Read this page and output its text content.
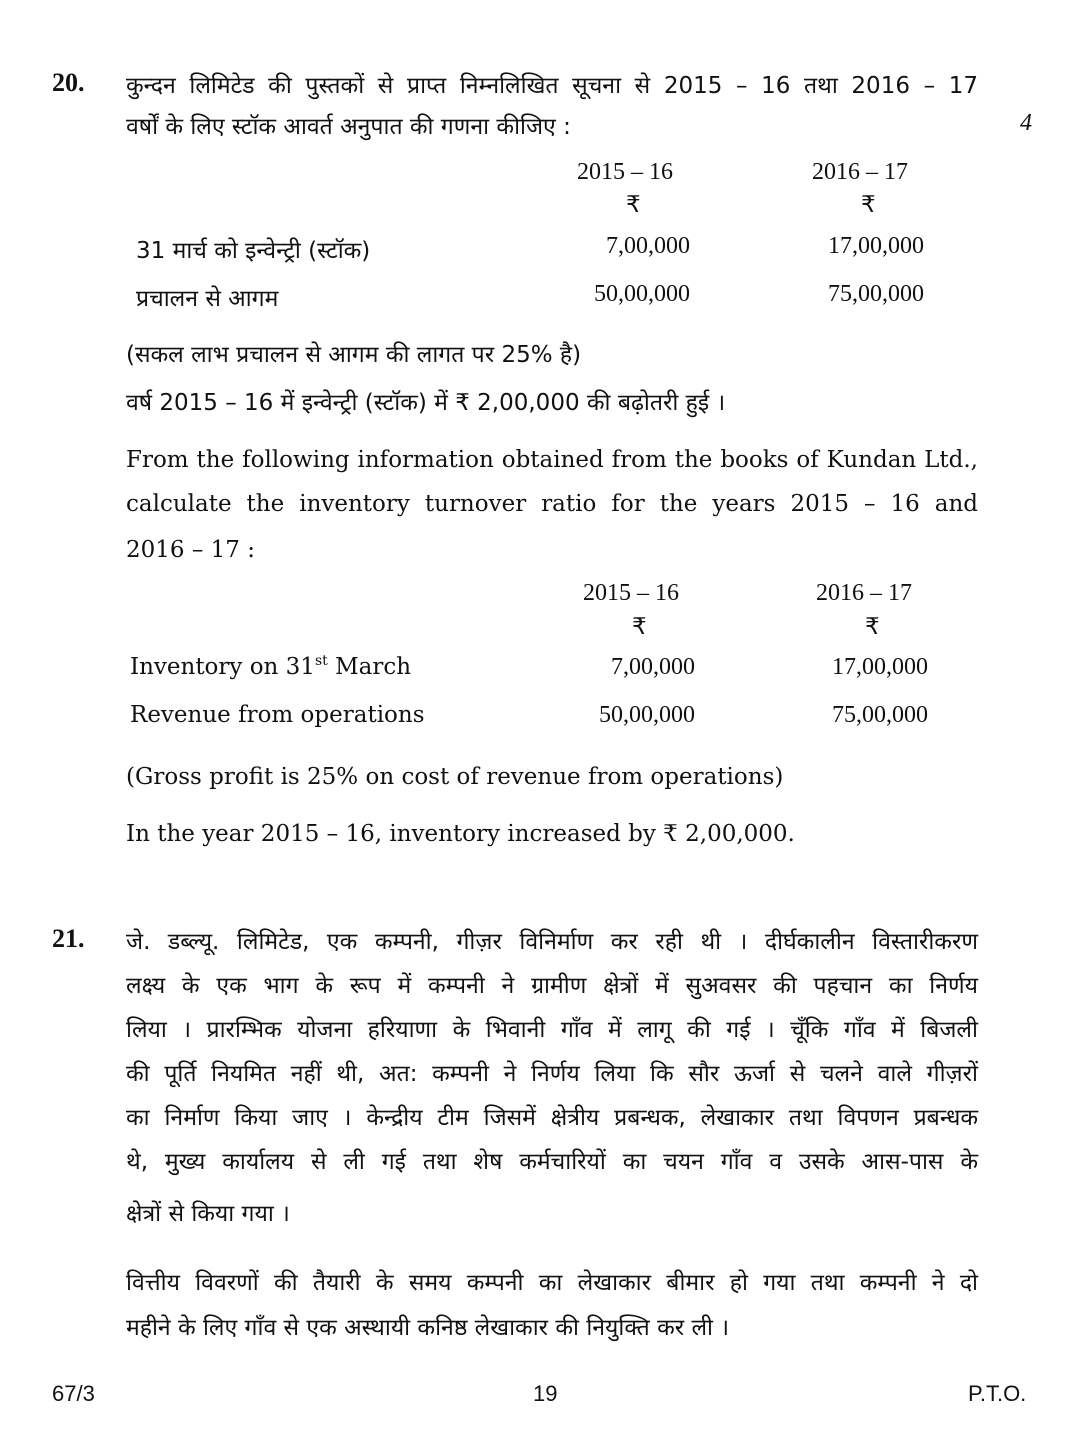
20.
4
कुन्दन लिमिटेड की पुस्तकों से प्राप्त निम्नलिखित सूचना से 2015 – 16 तथा 2016 – 17
वर्षों के लिए स्टॉक आवर्त अनुपात की गणना कीजिए :
2015 – 16	2016 – 17
₹	₹
31 मार्च को इन्वेन्ट्री (स्टॉक)	7,00,000	17,00,000
प्रचालन से आगम	50,00,000	75,00,000
(सकल लाभ प्रचालन से आगम की लागत पर 25% है)
वर्ष 2015 – 16 में इन्वेन्ट्री (स्टॉक) में ₹ 2,00,000 की बढ़ोतरी हुई ।
From the following information obtained from the books of Kundan Ltd.,
calculate the inventory turnover ratio for the years 2015 – 16 and
2016 – 17 :
2015 – 16	2016 – 17
₹	₹
Inventory on 31st March	7,00,000	17,00,000
Revenue from operations	50,00,000	75,00,000
(Gross profit is 25% on cost of revenue from operations)
In the year 2015 – 16, inventory increased by ₹ 2,00,000.
21. जे. डब्ल्यू. लिमिटेड, एक कम्पनी, गीज़र विनिर्माण कर रही थी । दीर्घकालीन विस्तारीकरण
लक्ष्य के एक भाग के रूप में कम्पनी ने ग्रामीण क्षेत्रों में सुअवसर की पहचान का निर्णय
लिया । प्रारम्भिक योजना हरियाणा के भिवानी गाँव में लागू की गई । चूँकि गाँव में बिजली
की पूर्ति नियमित नहीं थी, अत: कम्पनी ने निर्णय लिया कि सौर ऊर्जा से चलने वाले गीज़रों
का निर्माण किया जाए । केन्द्रीय टीम जिसमें क्षेत्रीय प्रबन्धक, लेखाकार तथा विपणन प्रबन्धक
थे, मुख्य कार्यालय से ली गई तथा शेष कर्मचारियों का चयन गाँव व उसके आस-पास के
क्षेत्रों से किया गया ।
वित्तीय विवरणों की तैयारी के समय कम्पनी का लेखाकार बीमार हो गया तथा कम्पनी ने दो
महीने के लिए गाँव से एक अस्थायी कनिष्ठ लेखाकार की नियुक्ति कर ली ।
67/3	19	P.T.O.
